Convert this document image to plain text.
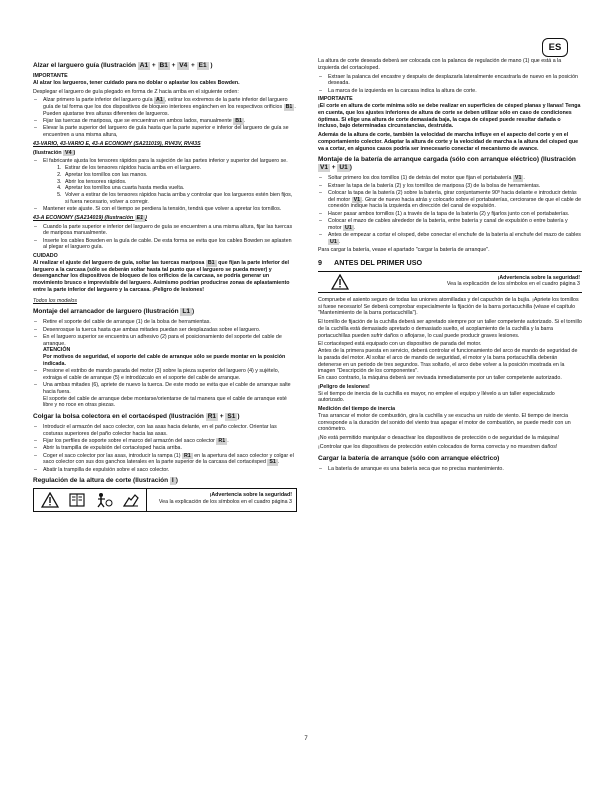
ES

Alzar el larguero guía (Ilustración A1 + B1 + V4 + E1 )

IMPORTANTE

Al alzar los largueros, tener cuidado para no doblar o aplastar los cables Bowden.

Desplegar el larguero de guía plegado en forma de Z hacia arriba en el siguiente orden:

– Alzar primero la parte inferior del larguero guía A1 , estirar los extremos de la parte inferior del larguero guía de tal forma que los dos dispositivos de bloqueo interiores engánchen en los respectivos orificios B1 . Pueden ajustarse tres alturas diferentes de largueros.
– Fijar las tuercas de mariposa, que se encuentran en ambos lados, manualmente B1 .
– Elevar la parte superior del larguero de guía hasta que la parte superior e inferior del larguero de guía se encuentren a una misma altura,

43-VARIO, 43-VARIO E, 43-A ECONOMY (SA211019), RV43V, RV43S

(Ilustración V4 )

– El fabricante ajusta los tensores rápidos para la sujeción de las partes inferior y superior del larguero se.
1. Estirar de los tensores rápidos hacia arriba en el larguero.
2. Apretar los tornillos con las manos.
3. Abrir los tensores rápidos.
4. Apretar los tornillos una cuarta hasta media vuelta.
5. Volver a estirar de los tensores rápidos hacia arriba y controlar que los largueros estén bien fijos, si fuera necesario, volver a corregir.
– Mantener este ajuste. Si con el tiempo se perdiera la tensión, tendrá que volver a apretar los tornillos.

43-A ECONOMY (SA214019) (Ilustración E1 )

– Cuando la parte superior e inferior del larguero de guía se encuentren a una misma altura, fijar las tuercas de mariposa manualmente.
– Inserte los cables Bowden en la guía de cable. De esta forma se evita que los cables Bowden se aplasten al plegar el larguero guía.

CUIDADO

Al realizar el ajuste del larguero de guía, soltar las tuercas mariposa B1 que fijan la parte inferior del larguero a la carcasa (sólo se deberán soltar hasta tal punto que el larguero se pueda mover) y desenganchar los dispositivos de bloqueo de los orificios de la carcasa, se podría generar un movimiento brusco e imprevisible del larguero. Asimismo podrían producirse zonas de aplastamiento entre la parte inferior del larguero y la carcasa. ¡Peligro de lesiones!

Todos los modelos

Montaje del arrancador de larguero (Ilustración L1 )

– Retire el soporte del cable de arranque (1) de la bolsa de herramientas.
– Desenrosque la tuerca hasta que ambas mitades puedan ser desplazadas sobre el larguero.
– En el larguero superior se encuentra un adhesivo (2) para el posicionamiento del soporte del cable de arranque.
ATENCIÓN
Por motivos de seguridad, el soporte del cable de arranque sólo se puede montar en la posición indicada.
– Presione el estribo de mando parada del motor (3) sobre la pieza superior del larguero (4) y sujételo, extraiga el cable de arranque (5) e introdúzcalo en el soporte del cable de arranque.
– Una ambas mitades (6), apriete de nuevo la tuerca. De este modo se evita que el cable de arranque salte hacia fuera.
El soporte del cable de arranque debe montarse/orientarse de tal manera que el cable de arranque esté libre y no roce en otras piezas.

Colgar la bolsa colectora en el cortacésped (Ilustración R1 + S1 )

– Introducir el armazón del saco colector, con las asas hacia delante, en el paño colector. Orientar las costuras superiores del paño colector hacia las asas.
– Fijar los perfiles de soporte sobre el marco del armazón del saco colector R1 .
– Abrir la trampilla de expulsión del cortacésped hacia arriba.
– Coger el saco colector por las asas, introducir la rampa (1) R1 en la apertura del saco colector y colgar el saco colector con sus dos ganchos laterales en la parte superior de la carcasa del cortacésped S1 .
– Abatir la trampilla de expulsión sobre el saco colector.

Regulación de la altura de corte (Ilustración I )

¡Advertencia sobre la seguridad!
Vea la explicación de los símbolos en el cuadro página 3

La altura de corte deseada deberá ser colocada con la palanca de regulación de mano (1) que está a la izquierda del cortacésped.

– Extraer la palanca del encastre y después de desplazarla lateralmente encastrarla de nuevo en la posición deseada.
– La marca de la izquierda en la carcasa indica la altura de corte.

IMPORTANTE

¡El corte en altura de corte mínima sólo se debe realizar en superficies de césped planas y llanas! Tenga en cuenta, que los ajustes inferiores de altura de corte se deben utilizar sólo en caso de condiciones óptimas. Si elige una altura de corte demasiada baja, la capa de césped puede resultar dañada o incluso, bajo determinadas circunstancias, destruida.

Además de la altura de corte, también la velocidad de marcha influye en el aspecto del corte y en el comportamiento colector. Adaptar la altura de corte y la velocidad de marcha a la altura del césped que va a cortar, en algunos casos podría ser innecesario conectar el mecanismo de avance.

Montaje de la batería de arranque cargada (sólo con arranque eléctrico) (Ilustración V1 + U1 )

– Soltar primero los dos tornillos (1) de detrás del motor que fijan el portabatería V1 .
– Extraer la tapa de la batería (2) y los tornillos de mariposa (3) de la bolsa de herramientas.
– Colocar la tapa de la batería (2) sobre la batería, girar conjuntamente 90º hacia delante e introducir detrás del motor V1 . Girar de nuevo hacia atrás y colocarlo sobre el portabaterías, cerciorarse de que el cable de conexión indique hacia la izquierda en dirección del canal de expulsión.
– Hacer pasar ambos tornillos (1) a través de la tapa de la batería (2) y fijarlos junto con el portabaterías.
– Colocar el mazo de cables alrededor de la batería, entre batería y canal de expulsión o entre batería y motor U1 .
– Antes de empezar a cortar el césped, debe conectar el enchufe de la batería al enchufe del mazo de cables U1 .

Para cargar la batería, vease el apartado "cargar la batería de arranque".

9 ANTES DEL PRIMER USO
¡Advertencia sobre la seguridad!
Vea la explicación de los símbolos en el cuadro página 3

Compruebe el asiento seguro de todas las uniones atornilladas y del capuchón de la bujía. ¡Apriete los tornillos si fuese necesario! Se deberá comprobar especialmente la fijación de la barra portacuchilla (véase el capítulo "Mantenimiento de la barra portacuchilla").

El tornillo de fijación de la cuchilla deberá ser apretado siempre por un taller competente autorizado. Si el tornillo de la cuchilla está demasiado apretado o demasiado suelto, el acoplamiento de la cuchilla y la barra portacuchillas pueden sufrir daños o aflojarse, lo cual puede producir graves lesiones.

El cortacésped está equipado con un dispositivo de parada del motor.

Antes de la primera puesta en servicio, deberá controlar el funcionamiento del arco de mando de seguridad de la parada del motor. Al soltar el arco de mando de seguridad, el motor y la barra portacuchilla deberán detenerse en un periodo de tres segundos. Tras soltarlo, el arco debe volver a la posición mostrada en la imagen "Descripción de los componentes".

En caso contrario, la máquina deberá ser revisada inmediatamente por un taller competente autorizado.

¡Peligro de lesiones!

Si el tiempo de inercia de la cuchilla es mayor, no emplee el equipo y llévelo a un taller especializado autorizado.

Medición del tiempo de inercia

Tras arrancar el motor de combustión, gira la cuchilla y se escucha un ruido de viento. El tiempo de inercia corresponde a la duración del sonido del viento tras apagar el motor de combustión, se puede medir con un cronómetro.

¡No está permitido manipular o desactivar los dispositivos de protección o de seguridad de la máquina!

¡Controlar que los dispositivos de protección estén colocados de forma correcta y no muestren daños!

Cargar la batería de arranque (sólo con arranque eléctrico)

– La batería de arranque es una batería seca que no precisa mantenimiento.
7
